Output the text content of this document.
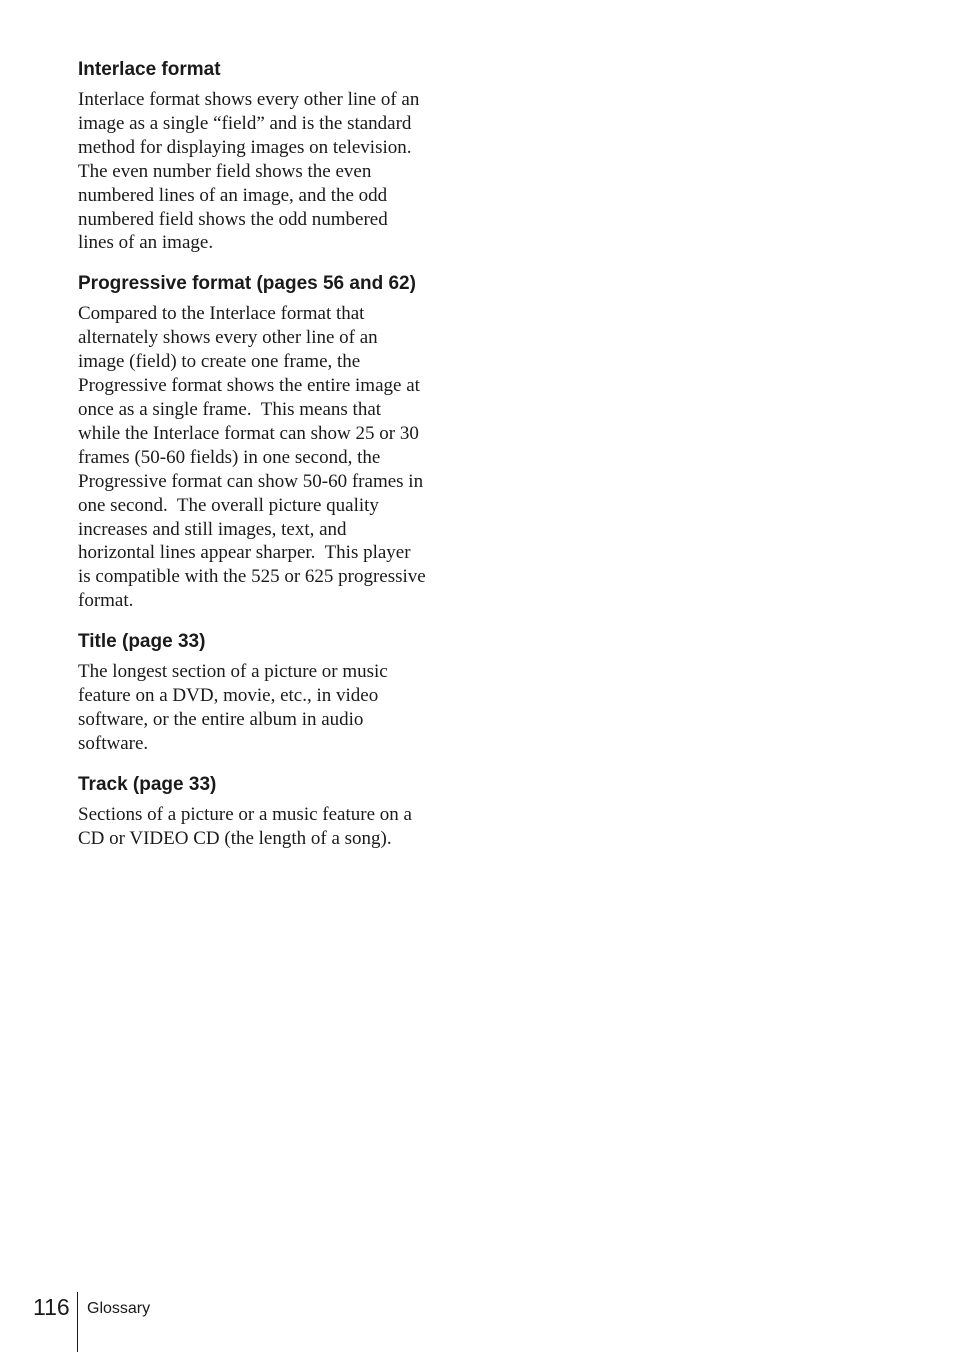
Interlace format
Interlace format shows every other line of an
image as a single “field” and is the standard
method for displaying images on television.
The even number field shows the even
numbered lines of an image, and the odd
numbered field shows the odd numbered
lines of an image.
Progressive format (pages 56 and 62)
Compared to the Interlace format that
alternately shows every other line of an
image (field) to create one frame, the
Progressive format shows the entire image at
once as a single frame.  This means that
while the Interlace format can show 25 or 30
frames (50-60 fields) in one second, the
Progressive format can show 50-60 frames in
one second.  The overall picture quality
increases and still images, text, and
horizontal lines appear sharper.  This player
is compatible with the 525 or 625 progressive
format.
Title (page 33)
The longest section of a picture or music
feature on a DVD, movie, etc., in video
software, or the entire album in audio
software.
Track (page 33)
Sections of a picture or a music feature on a
CD or VIDEO CD (the length of a song).
116 Glossary
